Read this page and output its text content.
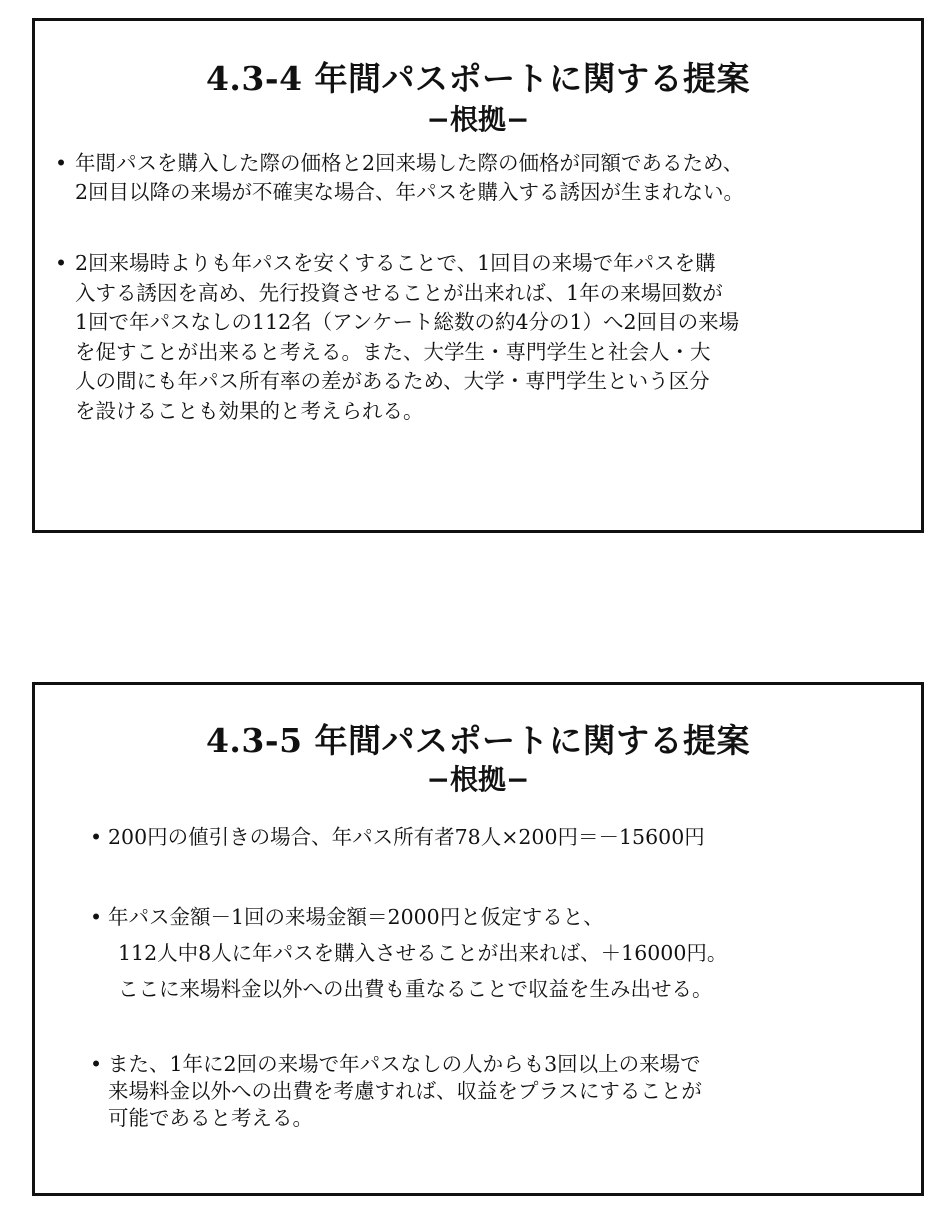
4.3-4 年間パスポートに関する提案
−根拠−
• 年間パスを購入した際の価格と2回来場した際の価格が同額であるため、
2回目以降の来場が不確実な場合、年パスを購入する誘因が生まれない。
• 2回来場時よりも年パスを安くすることで、1回目の来場で年パスを購
入する誘因を高め、先行投資させることが出来れば、1年の来場回数が
1回で年パスなしの112名（アンケート総数の約4分の1）へ2回目の来場
を促すことが出来ると考える。また、大学生・専門学生と社会人・大
人の間にも年パス所有率の差があるため、大学・専門学生という区分
を設けることも効果的と考えられる。
4.3-5 年間パスポートに関する提案
−根拠−
• 200円の値引きの場合、年パス所有者78人×200円＝－15600円
• 年パス金額－1回の来場金額＝2000円と仮定すると、
112人中8人に年パスを購入させることが出来れば、＋16000円。
ここに来場料金以外への出費も重なることで収益を生み出せる。
• また、1年に2回の来場で年パスなしの人からも3回以上の来場で
来場料金以外への出費を考慮すれば、収益をプラスにすることが
可能であると考える。
